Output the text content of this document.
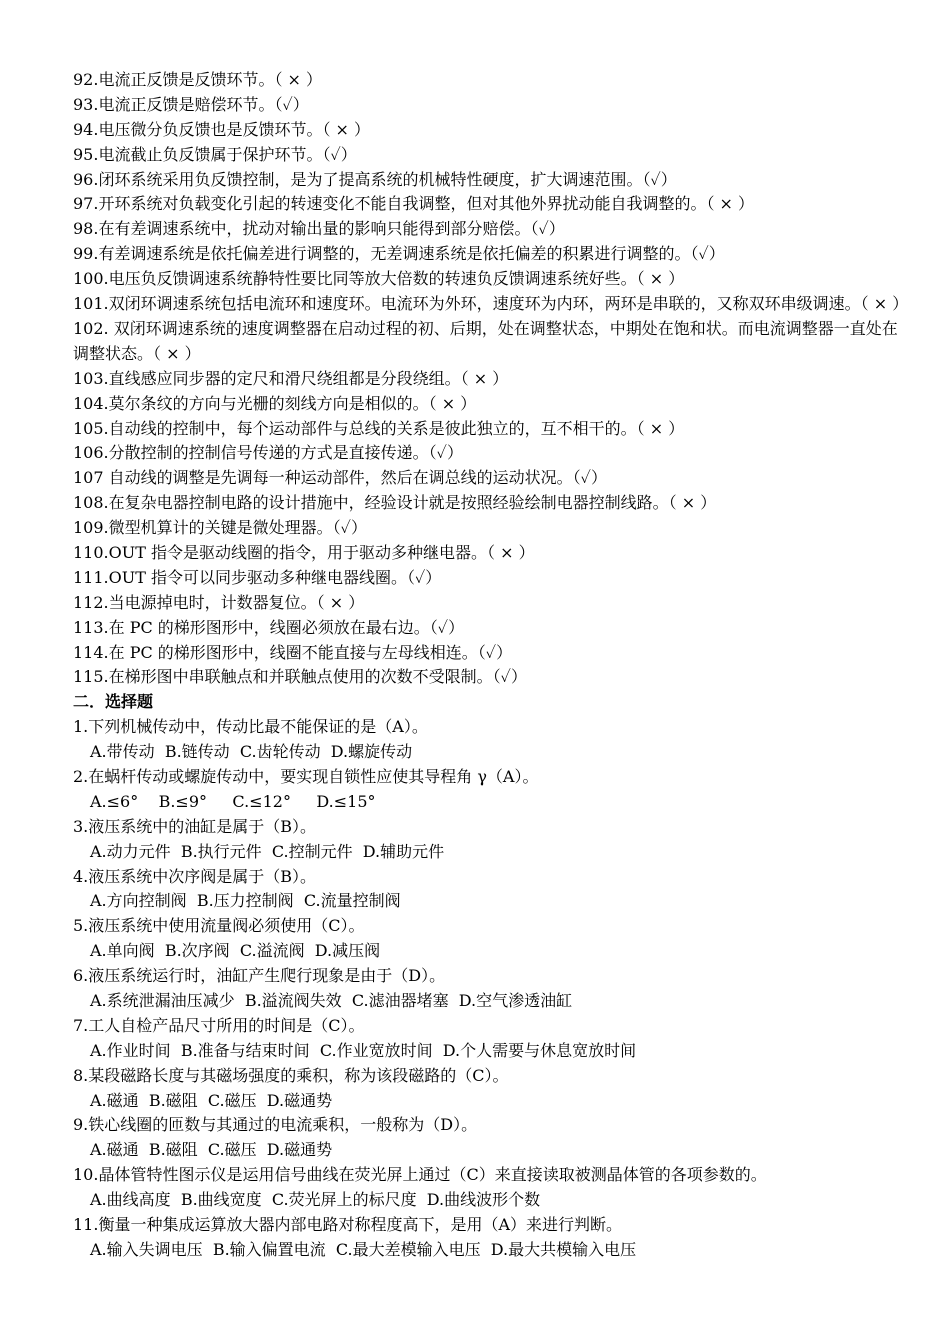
92.电流正反馈是反馈环节。（ × ）
93.电流正反馈是赔偿环节。（✓）
94.电压微分负反馈也是反馈环节。（ × ）
95.电流截止负反馈属于保护环节。（✓）
96.闭环系统采用负反馈控制，是为了提高系统的机械特性硬度，扩大调速范围。（✓）
97.开环系统对负载变化引起的转速变化不能自我调整，但对其他外界扰动能自我调整的。（ × ）
98.在有差调速系统中，扰动对输出量的影响只能得到部分赔偿。（✓）
99.有差调速系统是依托偏差进行调整的，无差调速系统是依托偏差的积累进行调整的。（✓）
100.电压负反馈调速系统静特性要比同等放大倍数的转速负反馈调速系统好些。（ × ）
101.双闭环调速系统包括电流环和速度环。电流环为外环，速度环为内环，两环是串联的，又称双环串级调速。（ × ）
102. 双闭环调速系统的速度调整器在启动过程的初、后期，处在调整状态，中期处在饱和状。而电流调整器一直处在调整状态。（ × ）
103.直线感应同步器的定尺和滑尺绕组都是分段绕组。（ × ）
104.莫尔条纹的方向与光栅的刻线方向是相似的。（ × ）
105.自动线的控制中，每个运动部件与总线的关系是彼此独立的，互不相干的。（ × ）
106.分散控制的控制信号传递的方式是直接传递。（✓）
107 自动线的调整是先调每一种运动部件，然后在调总线的运动状况。（✓）
108.在复杂电器控制电路的设计措施中，经验设计就是按照经验绘制电器控制线路。（ × ）
109.微型机算计的关键是微处理器。（✓）
110.OUT 指令是驱动线圈的指令，用于驱动多种继电器。（ × ）
111.OUT 指令可以同步驱动多种继电器线圈。（✓）
112.当电源掉电时，计数器复位。（ × ）
113.在 PC 的梯形图形中，线圈必须放在最右边。（✓）
114.在 PC 的梯形图形中，线圈不能直接与左母线相连。（✓）
115.在梯形图中串联触点和并联触点使用的次数不受限制。（✓）
二．选择题
1.下列机械传动中，传动比最不能保证的是（A）。
A.带传动  B.链传动  C.齿轮传动  D.螺旋传动
2.在蜗杆传动或螺旋传动中，要实现自锁性应使其导程角 γ（A）。
A.≤6°    B.≤9°     C.≤12°     D.≤15°
3.液压系统中的油缸是属于（B）。
A.动力元件  B.执行元件  C.控制元件  D.辅助元件
4.液压系统中次序阀是属于（B）。
A.方向控制阀  B.压力控制阀  C.流量控制阀
5.液压系统中使用流量阀必须使用（C）。
A.单向阀  B.次序阀  C.溢流阀  D.减压阀
6.液压系统运行时，油缸产生爬行现象是由于（D）。
A.系统泄漏油压减少  B.溢流阀失效  C.滤油器堵塞  D.空气渗透油缸
7.工人自检产品尺寸所用的时间是（C）。
A.作业时间  B.准备与结束时间  C.作业宽放时间  D.个人需要与休息宽放时间
8.某段磁路长度与其磁场强度的乘积，称为该段磁路的（C）。
A.磁通  B.磁阻  C.磁压  D.磁通势
9.铁心线圈的匝数与其通过的电流乘积，一般称为（D）。
A.磁通  B.磁阻  C.磁压  D.磁通势
10.晶体管特性图示仪是运用信号曲线在荧光屏上通过（C）来直接读取被测晶体管的各项参数的。
A.曲线高度  B.曲线宽度  C.荧光屏上的标尺度  D.曲线波形个数
11.衡量一种集成运算放大器内部电路对称程度高下，是用（A）来进行判断。
A.输入失调电压  B.输入偏置电流  C.最大差模输入电压  D.最大共模输入电压
